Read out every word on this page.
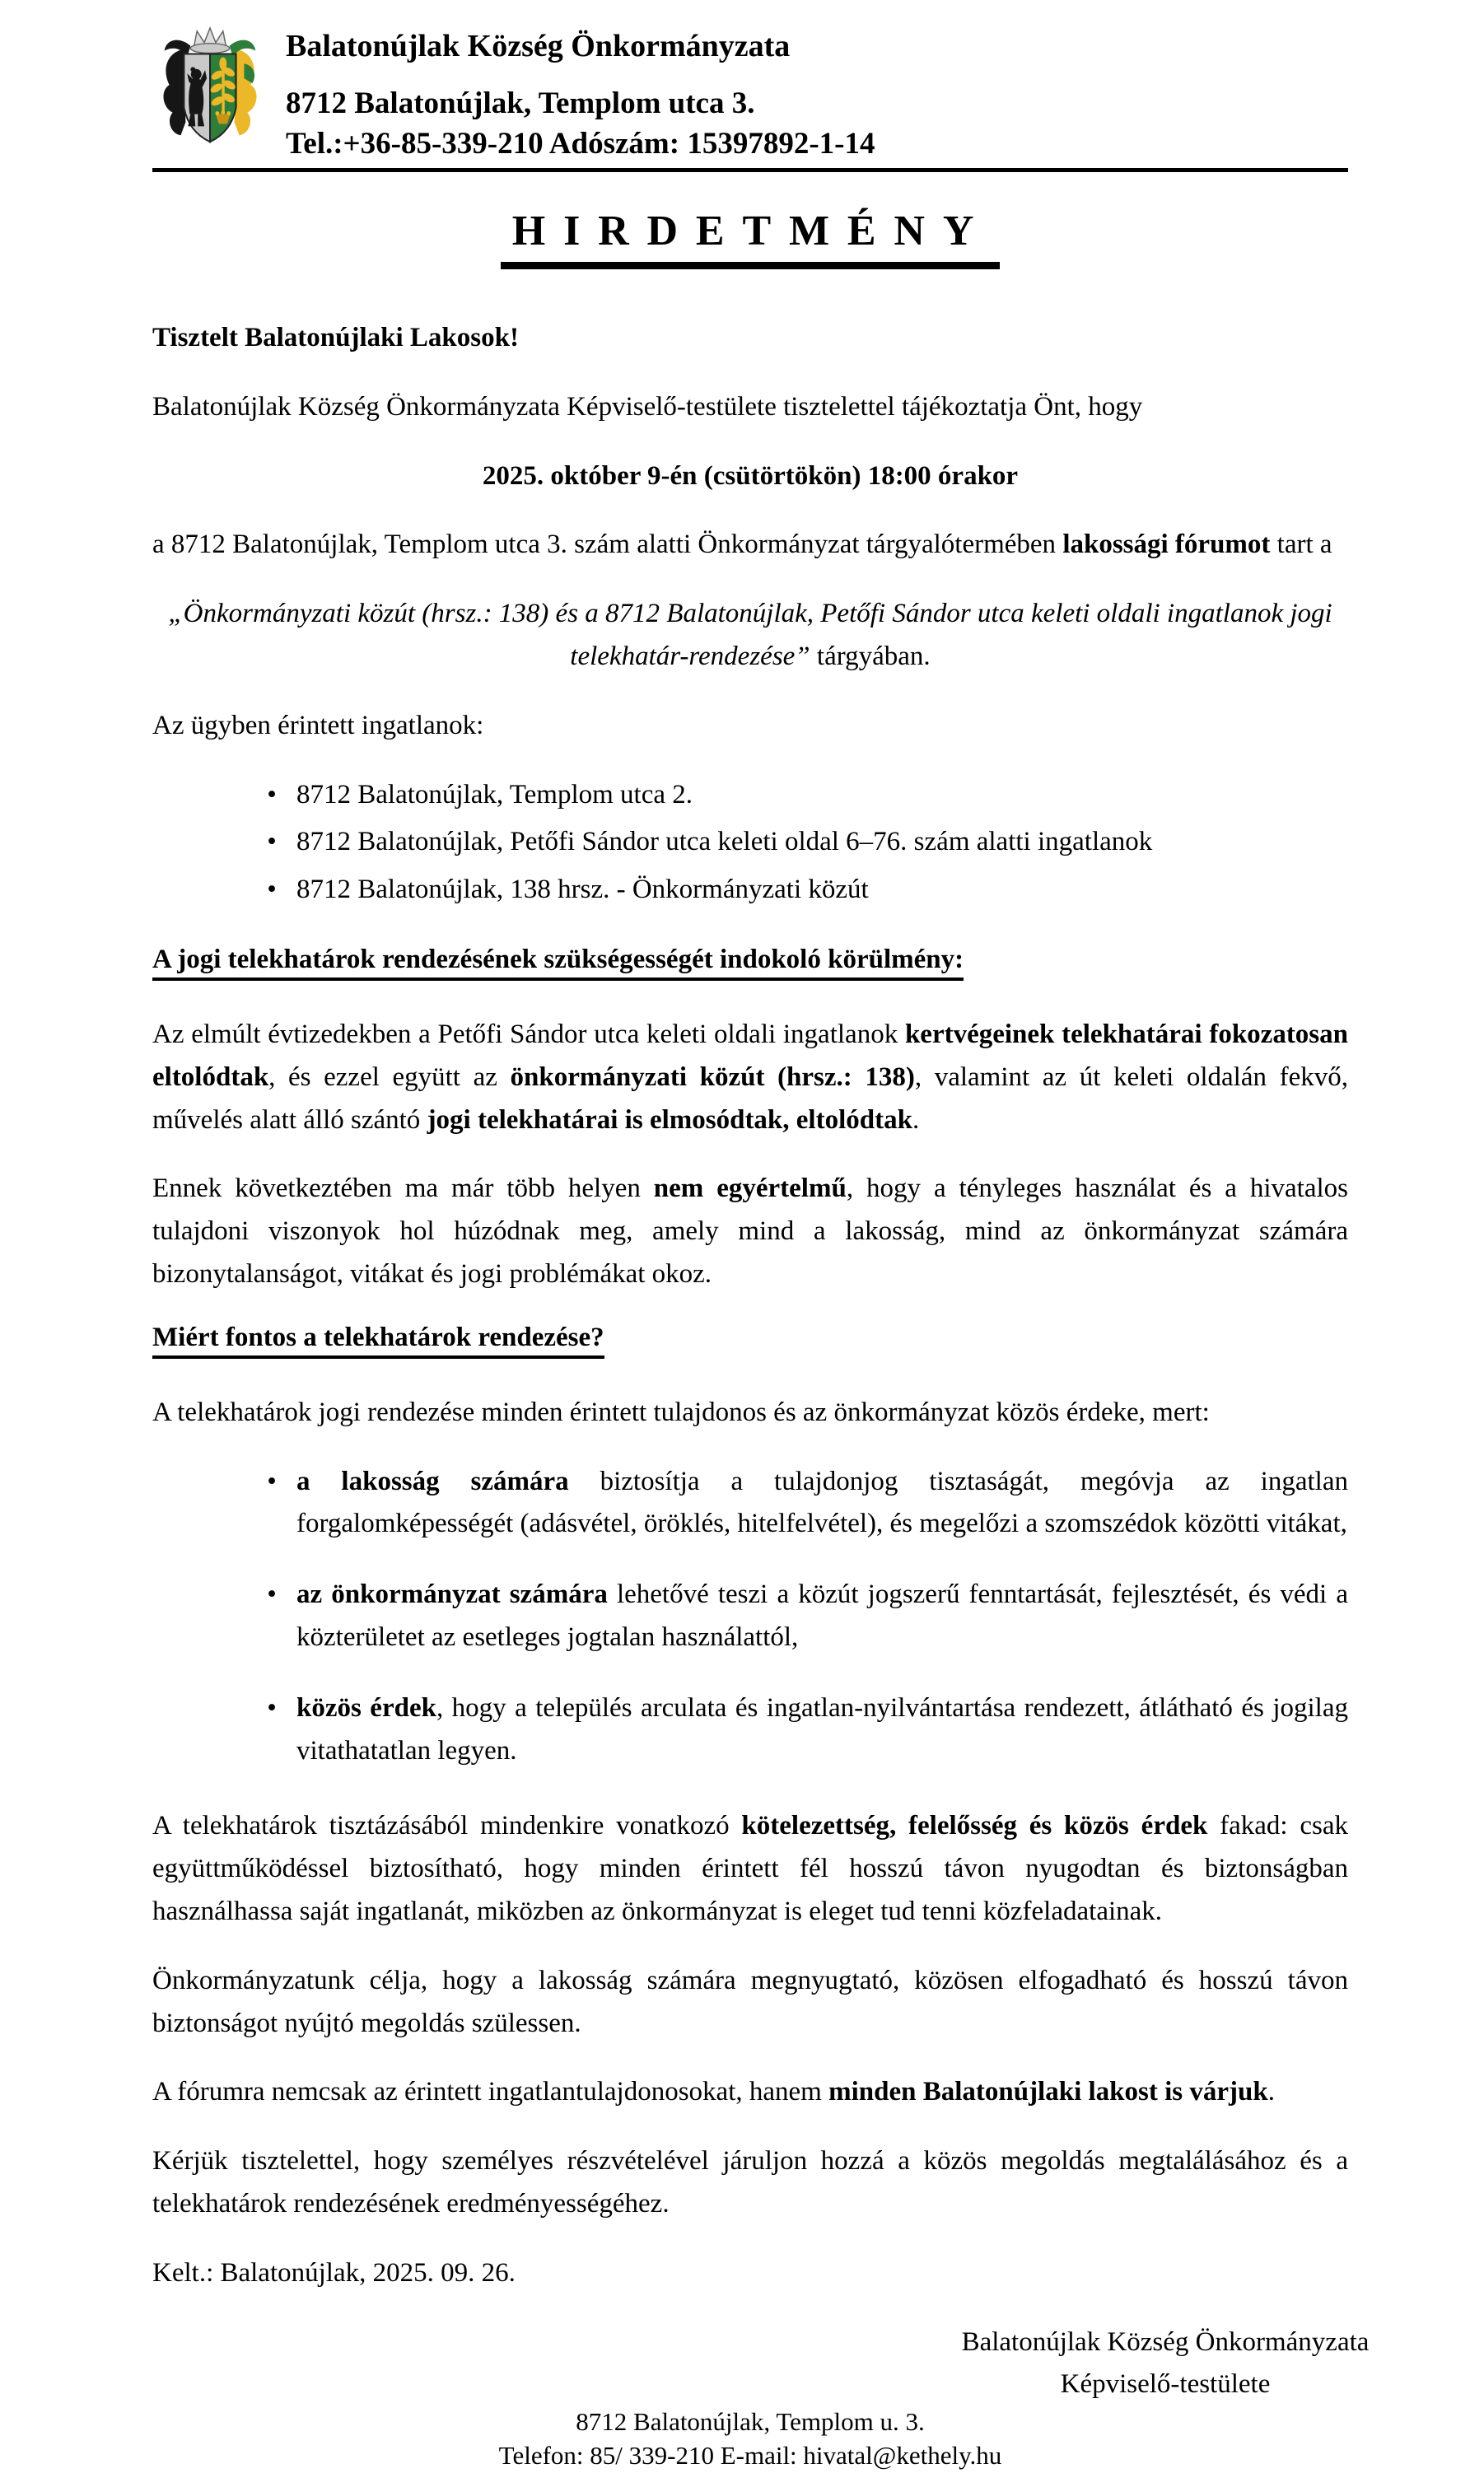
Balatonújlak Község Önkormányzata
8712 Balatonújlak, Templom utca 3.
Tel.:+36-85-339-210 Adószám: 15397892-1-14
HIRDETMÉNY

Tisztelt Balatonújlaki Lakosok!

Balatonújlak Község Önkormányzata Képviselő-testülete tisztelettel tájékoztatja Önt, hogy

2025. október 9-én (csütörtökön) 18:00 órakor

a 8712 Balatonújlak, Templom utca 3. szám alatti Önkormányzat tárgyalótermében lakossági fórumot tart a

„Önkormányzati közút (hrsz.: 138) és a 8712 Balatonújlak, Petőfi Sándor utca keleti oldali ingatlanok jogi telekhatár-rendezése” tárgyában.

Az ügyben érintett ingatlanok:

• 8712 Balatonújlak, Templom utca 2.
• 8712 Balatonújlak, Petőfi Sándor utca keleti oldal 6–76. szám alatti ingatlanok
• 8712 Balatonújlak, 138 hrsz. - Önkormányzati közút
A jogi telekhatárok rendezésének szükségességét indokoló körülmény:

Az elmúlt évtizedekben a Petőfi Sándor utca keleti oldali ingatlanok kertvégeinek telekhatárai fokozatosan eltolódtak, és ezzel együtt az önkormányzati közút (hrsz.: 138), valamint az út keleti oldalán fekvő, művelés alatt álló szántó jogi telekhatárai is elmosódtak, eltolódtak.

Ennek következtében ma már több helyen nem egyértelmű, hogy a tényleges használat és a hivatalos tulajdoni viszonyok hol húzódnak meg, amely mind a lakosság, mind az önkormányzat számára bizonytalanságot, vitákat és jogi problémákat okoz.

Miért fontos a telekhatárok rendezése?

A telekhatárok jogi rendezése minden érintett tulajdonos és az önkormányzat közös érdeke, mert:

• a lakosság számára biztosítja a tulajdonjog tisztaságát, megóvja az ingatlan forgalomképességét (adásvétel, öröklés, hitelfelvétel), és megelőzi a szomszédok közötti vitákat,
• az önkormányzat számára lehetővé teszi a közút jogszerű fenntartását, fejlesztését, és védi a közterületet az esetleges jogtalan használattól,
• közös érdek, hogy a település arculata és ingatlan-nyilvántartása rendezett, átlátható és jogilag vitathatatlan legyen.

A telekhatárok tisztázásából mindenkire vonatkozó kötelezettség, felelősség és közös érdek fakad: csak együttműködéssel biztosítható, hogy minden érintett fél hosszú távon nyugodtan és biztonságban használhassa saját ingatlanát, miközben az önkormányzat is eleget tud tenni közfeladatainak.

Önkormányzatunk célja, hogy a lakosság számára megnyugtató, közösen elfogadható és hosszú távon biztonságot nyújtó megoldás szülessen.

A fórumra nemcsak az érintett ingatlantulajdonosokat, hanem minden Balatonújlaki lakost is várjuk.

Kérjük tisztelettel, hogy személyes részvételével járuljon hozzá a közös megoldás megtalálásához és a telekhatárok rendezésének eredményességéhez.

Kelt.: Balatonújlak, 2025. 09. 26.

Balatonújlak Község Önkormányzata
Képviselő-testülete
8712 Balatonújlak, Templom u. 3.
Telefon: 85/ 339-210 E-mail: hivatal@kethely.hu
